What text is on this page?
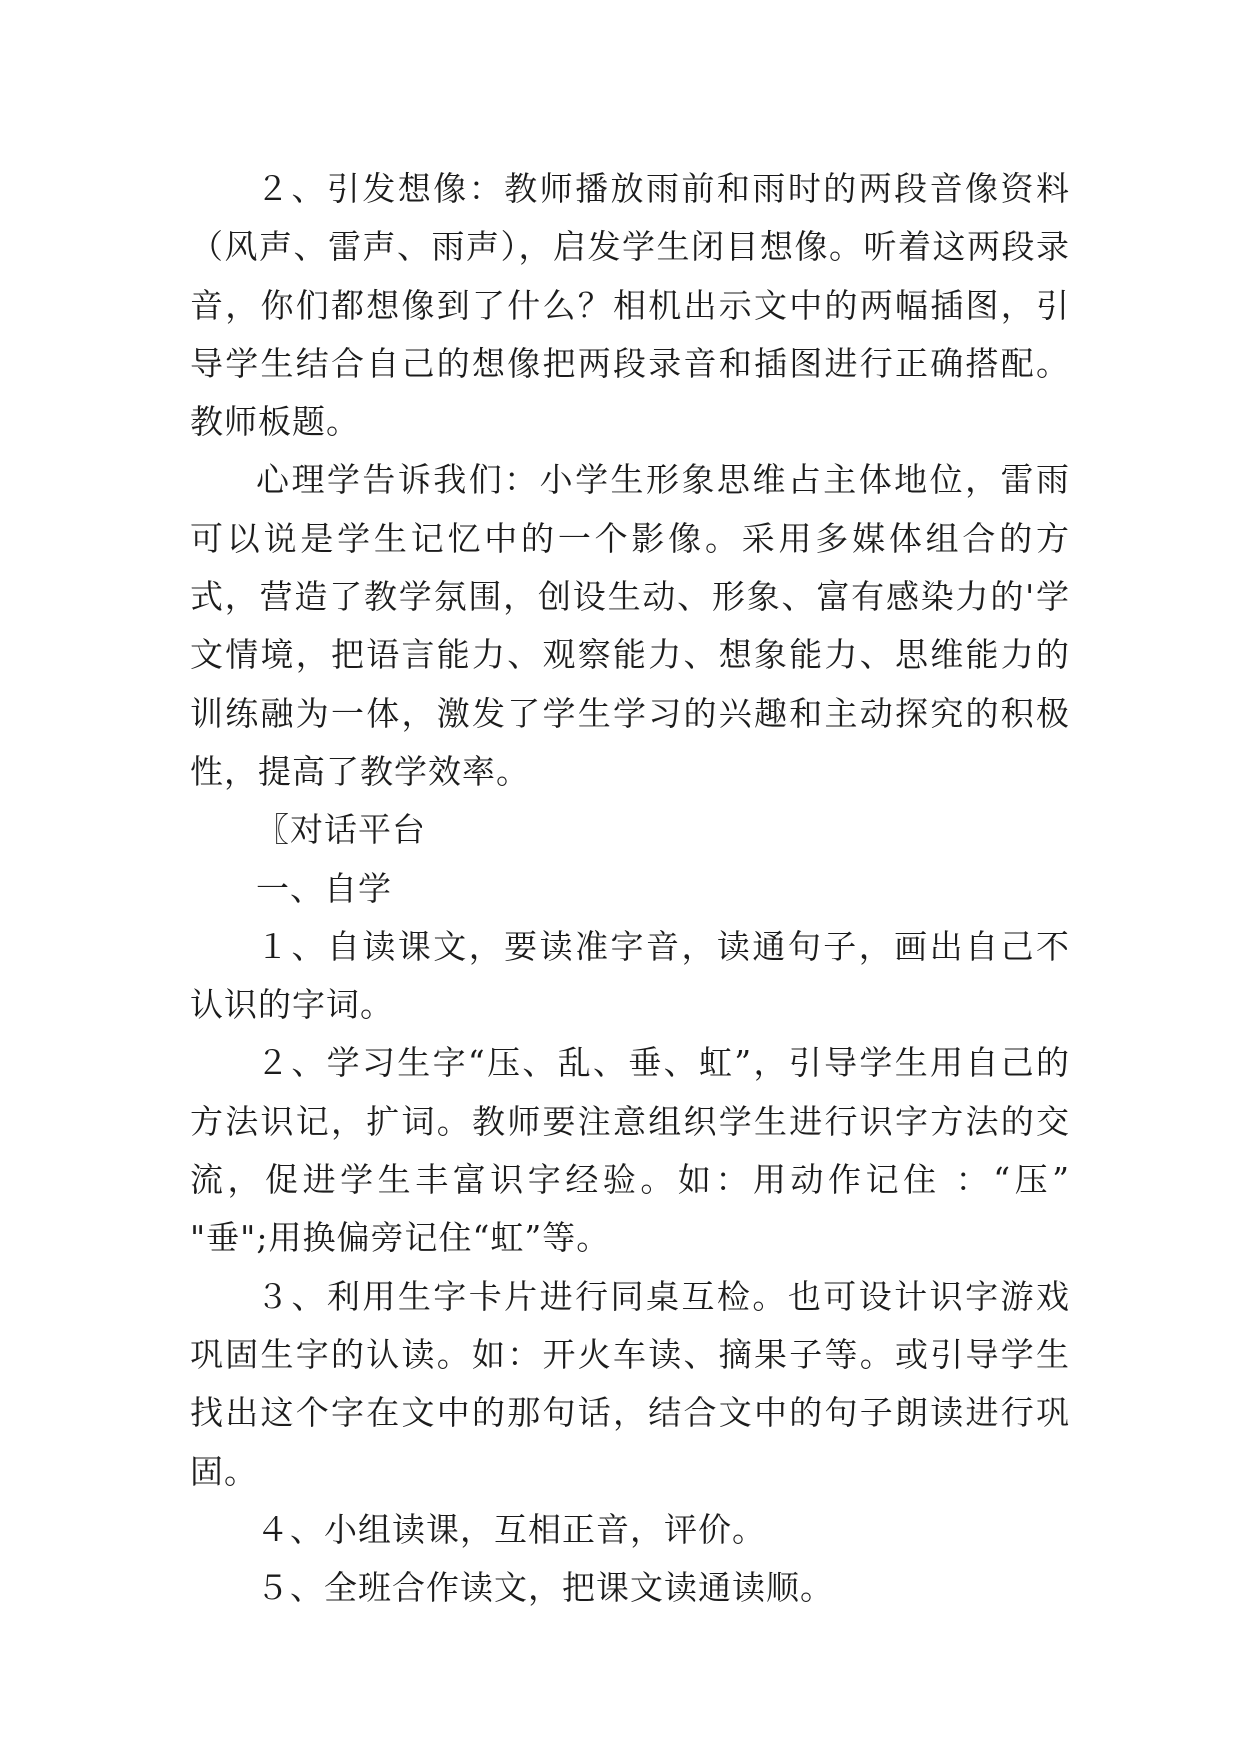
２、引发想像：教师播放雨前和雨时的两段音像资料（风声、雷声、雨声），启发学生闭目想像。听着这两段录音，你们都想像到了什么？相机出示文中的两幅插图，引导学生结合自己的想像把两段录音和插图进行正确搭配。教师板题。

心理学告诉我们：小学生形象思维占主体地位，雷雨可以说是学生记忆中的一个影像。采用多媒体组合的方式，营造了教学氛围，创设生动、形象、富有感染力的'学文情境，把语言能力、观察能力、想象能力、思维能力的训练融为一体，激发了学生学习的兴趣和主动探究的积极性，提高了教学效率。

〖对话平台

一、自学

１、自读课文，要读准字音，读通句子，画出自己不认识的字词。

２、学习生字“压、乱、垂、虹”，引导学生用自己的方法识记，扩词。教师要注意组织学生进行识字方法的交流，促进学生丰富识字经验。如：用动作记住 ：“压” "垂";用换偏旁记住“虹”等。

３、利用生字卡片进行同桌互检。也可设计识字游戏巩固生字的认读。如：开火车读、摘果子等。或引导学生找出这个字在文中的那句话，结合文中的句子朗读进行巩固。

４、小组读课，互相正音，评价。

５、全班合作读文，把课文读通读顺。
